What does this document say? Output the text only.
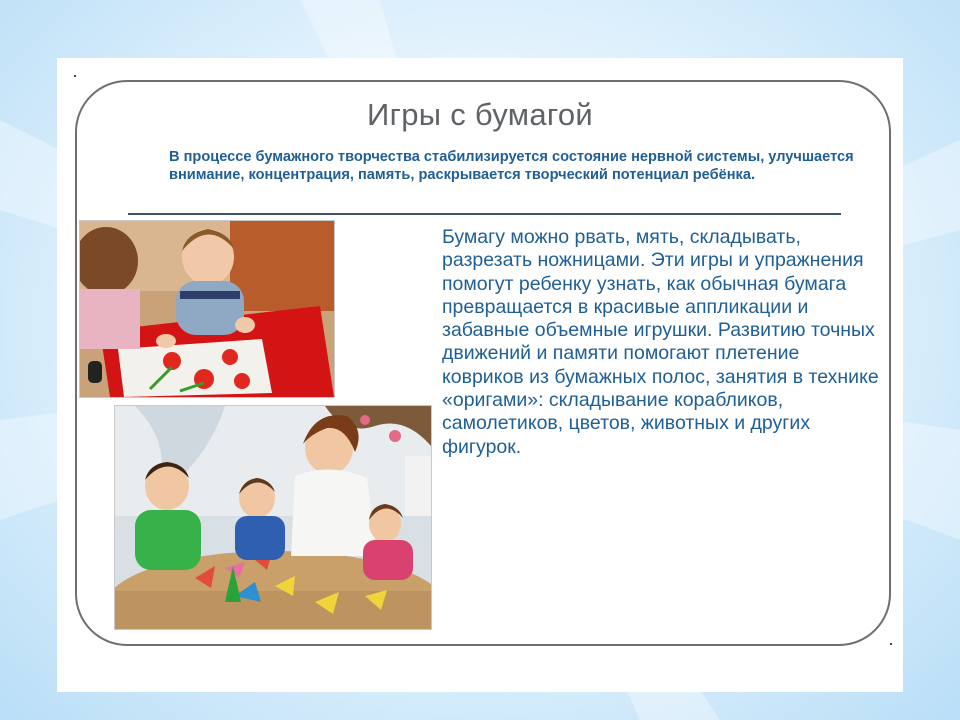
Игры с бумагой
В процессе бумажного творчества стабилизируется состояние нервной системы, улучшается внимание, концентрация, память, раскрывается творческий потенциал ребёнка.
Бумагу можно рвать, мять, складывать, разрезать ножницами. Эти игры и упражнения помогут ребенку узнать, как обычная бумага превращается в красивые аппликации и забавные объемные игрушки. Развитию точных движений и памяти помогают плетение ковриков из бумажных полос, занятия в технике «оригами»: складывание корабликов, самолетиков, цветов, животных и других фигурок.
